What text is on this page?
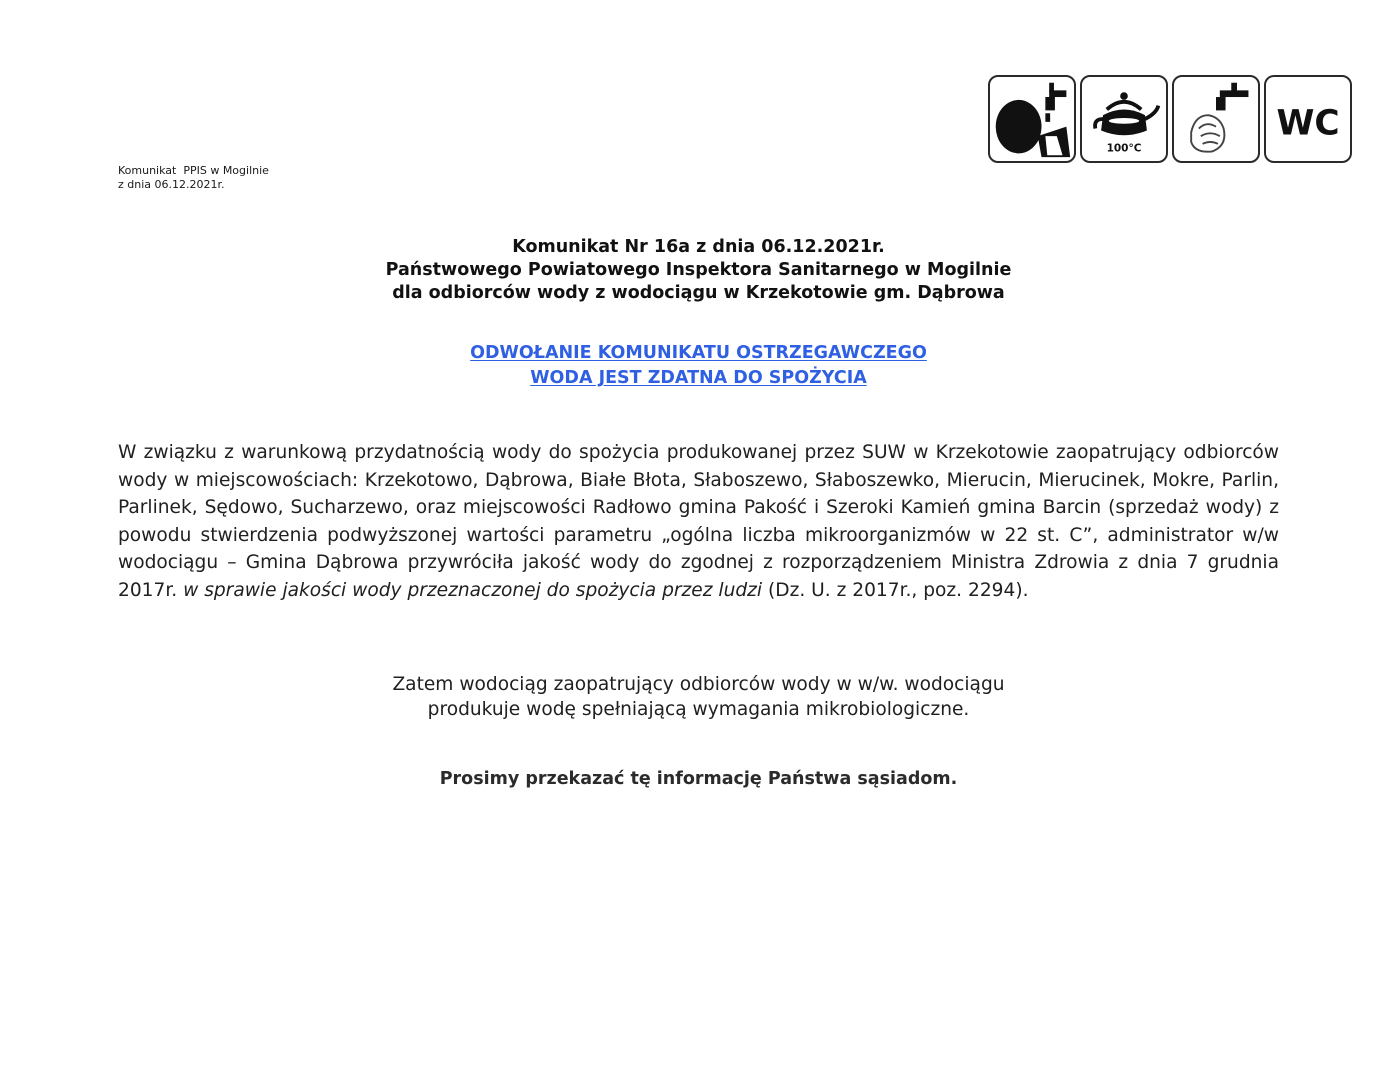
100°C
WC
Komunikat  PPIS w Mogilnie
z dnia 06.12.2021r.
Komunikat Nr 16a z dnia 06.12.2021r.
Państwowego Powiatowego Inspektora Sanitarnego w Mogilnie
dla odbiorców wody z wodociągu w Krzekotowie gm. Dąbrowa
ODWOŁANIE KOMUNIKATU OSTRZEGAWCZEGO
WODA JEST ZDATNA DO SPOŻYCIA
W związku z warunkową przydatnością wody do spożycia produkowanej przez SUW w Krzekotowie zaopatrujący odbiorców wody w miejscowościach: Krzekotowo, Dąbrowa, Białe Błota, Słaboszewo, Słaboszewko, Mierucin, Mierucinek, Mokre, Parlin, Parlinek, Sędowo, Sucharzewo, oraz miejscowości Radłowo gmina Pakość i Szeroki Kamień gmina Barcin (sprzedaż wody) z powodu stwierdzenia podwyższonej wartości parametru „ogólna liczba mikroorganizmów w 22 st. C”, administrator w/w wodociągu – Gmina Dąbrowa przywróciła jakość wody do zgodnej z rozporządzeniem Ministra Zdrowia z dnia 7 grudnia 2017r. w sprawie jakości wody przeznaczonej do spożycia przez ludzi (Dz. U. z 2017r., poz. 2294).
Zatem wodociąg zaopatrujący odbiorców wody w w/w. wodociągu
produkuje wodę spełniającą wymagania mikrobiologiczne.
Prosimy przekazać tę informację Państwa sąsiadom.
